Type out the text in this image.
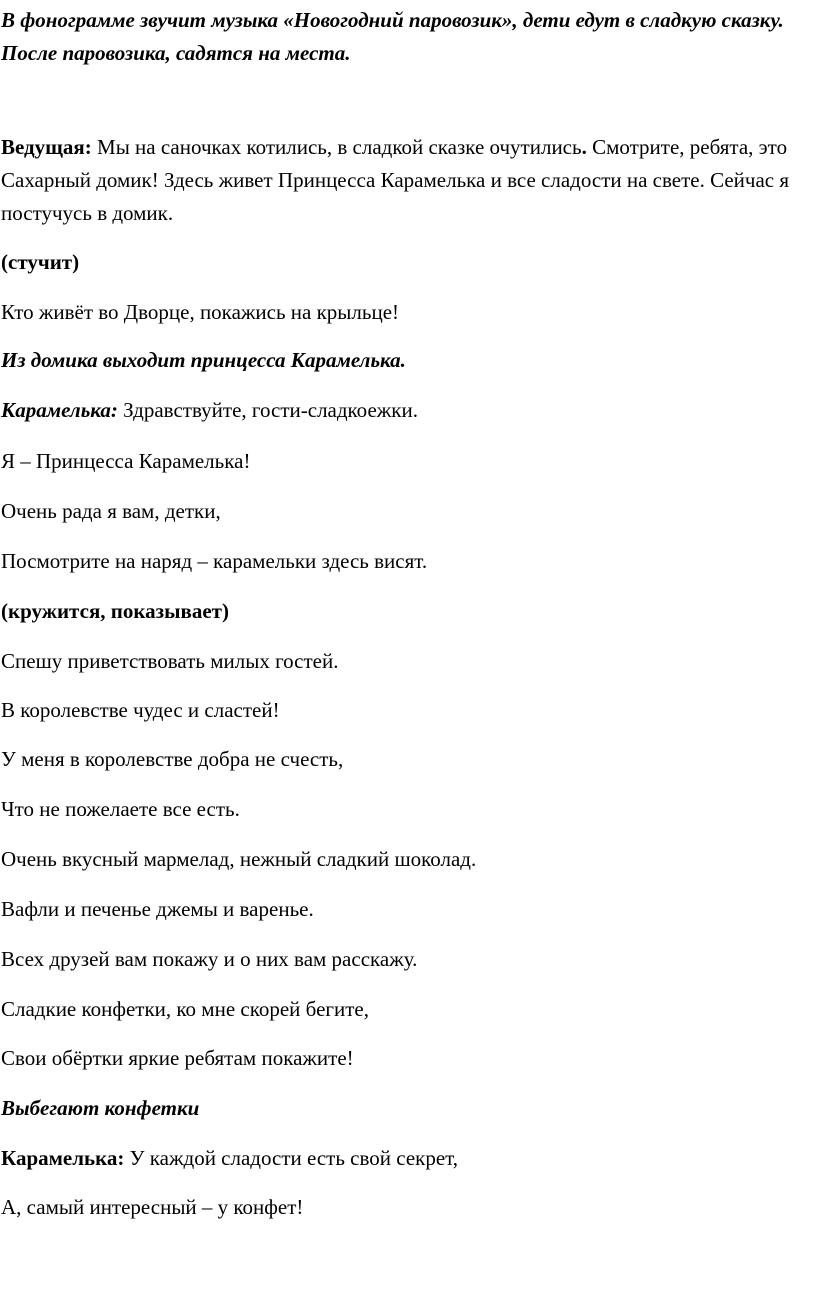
В фонограмме звучит музыка «Новогодний паровозик», дети едут в сладкую сказку. После паровозика, садятся на места.
Ведущая: Мы на саночках котились, в сладкой сказке очутились. Смотрите, ребята, это Сахарный домик! Здесь живет Принцесса Карамелька и все сладости на свете. Сейчас я постучусь в домик.
(стучит)
Кто живёт во Дворце, покажись на крыльце!
Из домика выходит принцесса Карамелька.
Карамелька: Здравствуйте, гости-сладкоежки.
Я – Принцесса Карамелька!
Очень рада я вам, детки,
Посмотрите на наряд – карамельки здесь висят.
(кружится, показывает)
Спешу приветствовать милых гостей.
В королевстве чудес и сластей!
У меня в королевстве добра не счесть,
Что не пожелаете все есть.
Очень вкусный мармелад, нежный сладкий шоколад.
Вафли и печенье джемы и варенье.
Всех друзей вам покажу и о них вам расскажу.
Сладкие конфетки, ко мне скорей бегите,
Свои обёртки яркие ребятам покажите!
Выбегают конфетки
Карамелька: У каждой сладости есть свой секрет,
А, самый интересный – у конфет!
